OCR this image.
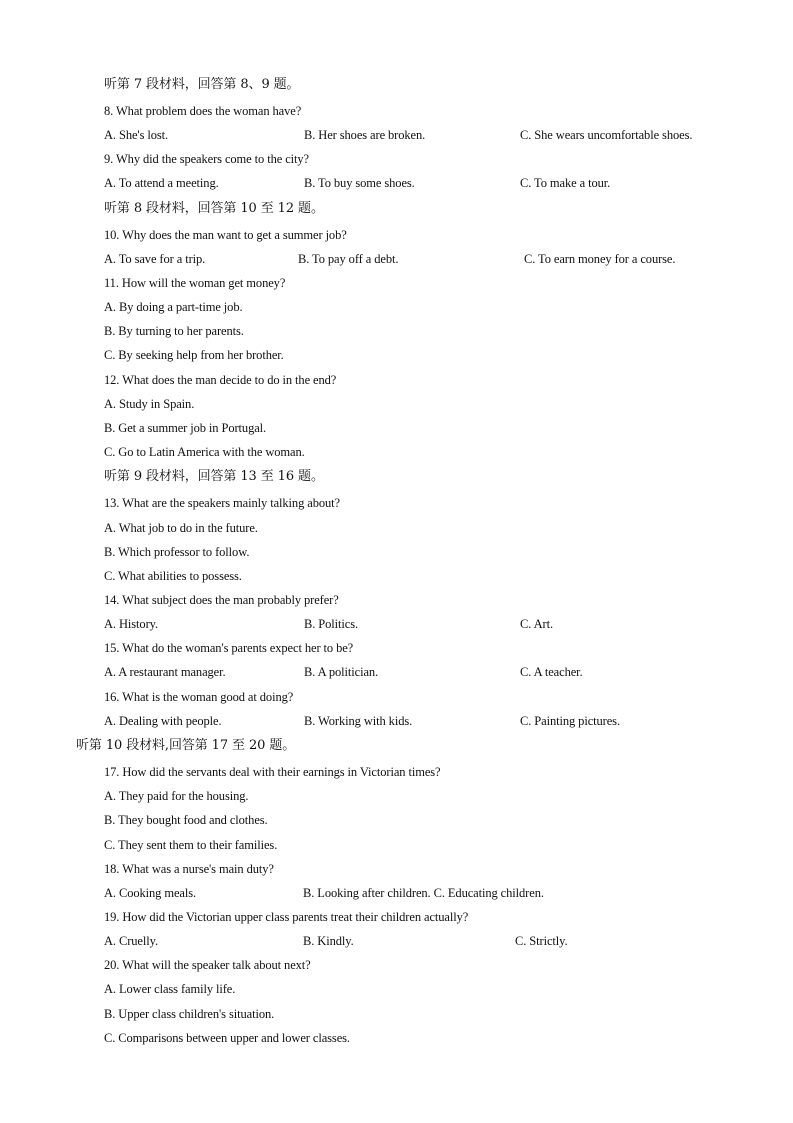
听第 7 段材料，回答第 8、9 题。
8. What problem does the woman have?
A. She's lost.	B. Her shoes are broken.	C. She wears uncomfortable shoes.
9. Why did the speakers come to the city?
A. To attend a meeting.	B. To buy some shoes.	C. To make a tour.
听第 8 段材料，回答第 10 至 12 题。
10. Why does the man want to get a summer job?
A. To save for a trip.	B. To pay off a debt.	C. To earn money for a course.
11. How will the woman get money?
A. By doing a part-time job.
B. By turning to her parents.
C. By seeking help from her brother.
12. What does the man decide to do in the end?
A. Study in Spain.
B. Get a summer job in Portugal.
C. Go to Latin America with the woman.
听第 9 段材料，回答第 13 至 16 题。
13. What are the speakers mainly talking about?
A. What job to do in the future.
B. Which professor to follow.
C. What abilities to possess.
14. What subject does the man probably prefer?
A. History.	B. Politics.	C. Art.
15. What do the woman's parents expect her to be?
A. A restaurant manager.	B. A politician.	C. A teacher.
16. What is the woman good at doing?
A. Dealing with people.	B. Working with kids.	C. Painting pictures.
听第 10 段材料,回答第 17 至 20 题。
17. How did the servants deal with their earnings in Victorian times?
A. They paid for the housing.
B. They bought food and clothes.
C. They sent them to their families.
18. What was a nurse's main duty?
A. Cooking meals.	B. Looking after children. C. Educating children.
19. How did the Victorian upper class parents treat their children actually?
A. Cruelly.	B. Kindly.	C. Strictly.
20. What will the speaker talk about next?
A. Lower class family life.
B. Upper class children's situation.
C. Comparisons between upper and lower classes.
